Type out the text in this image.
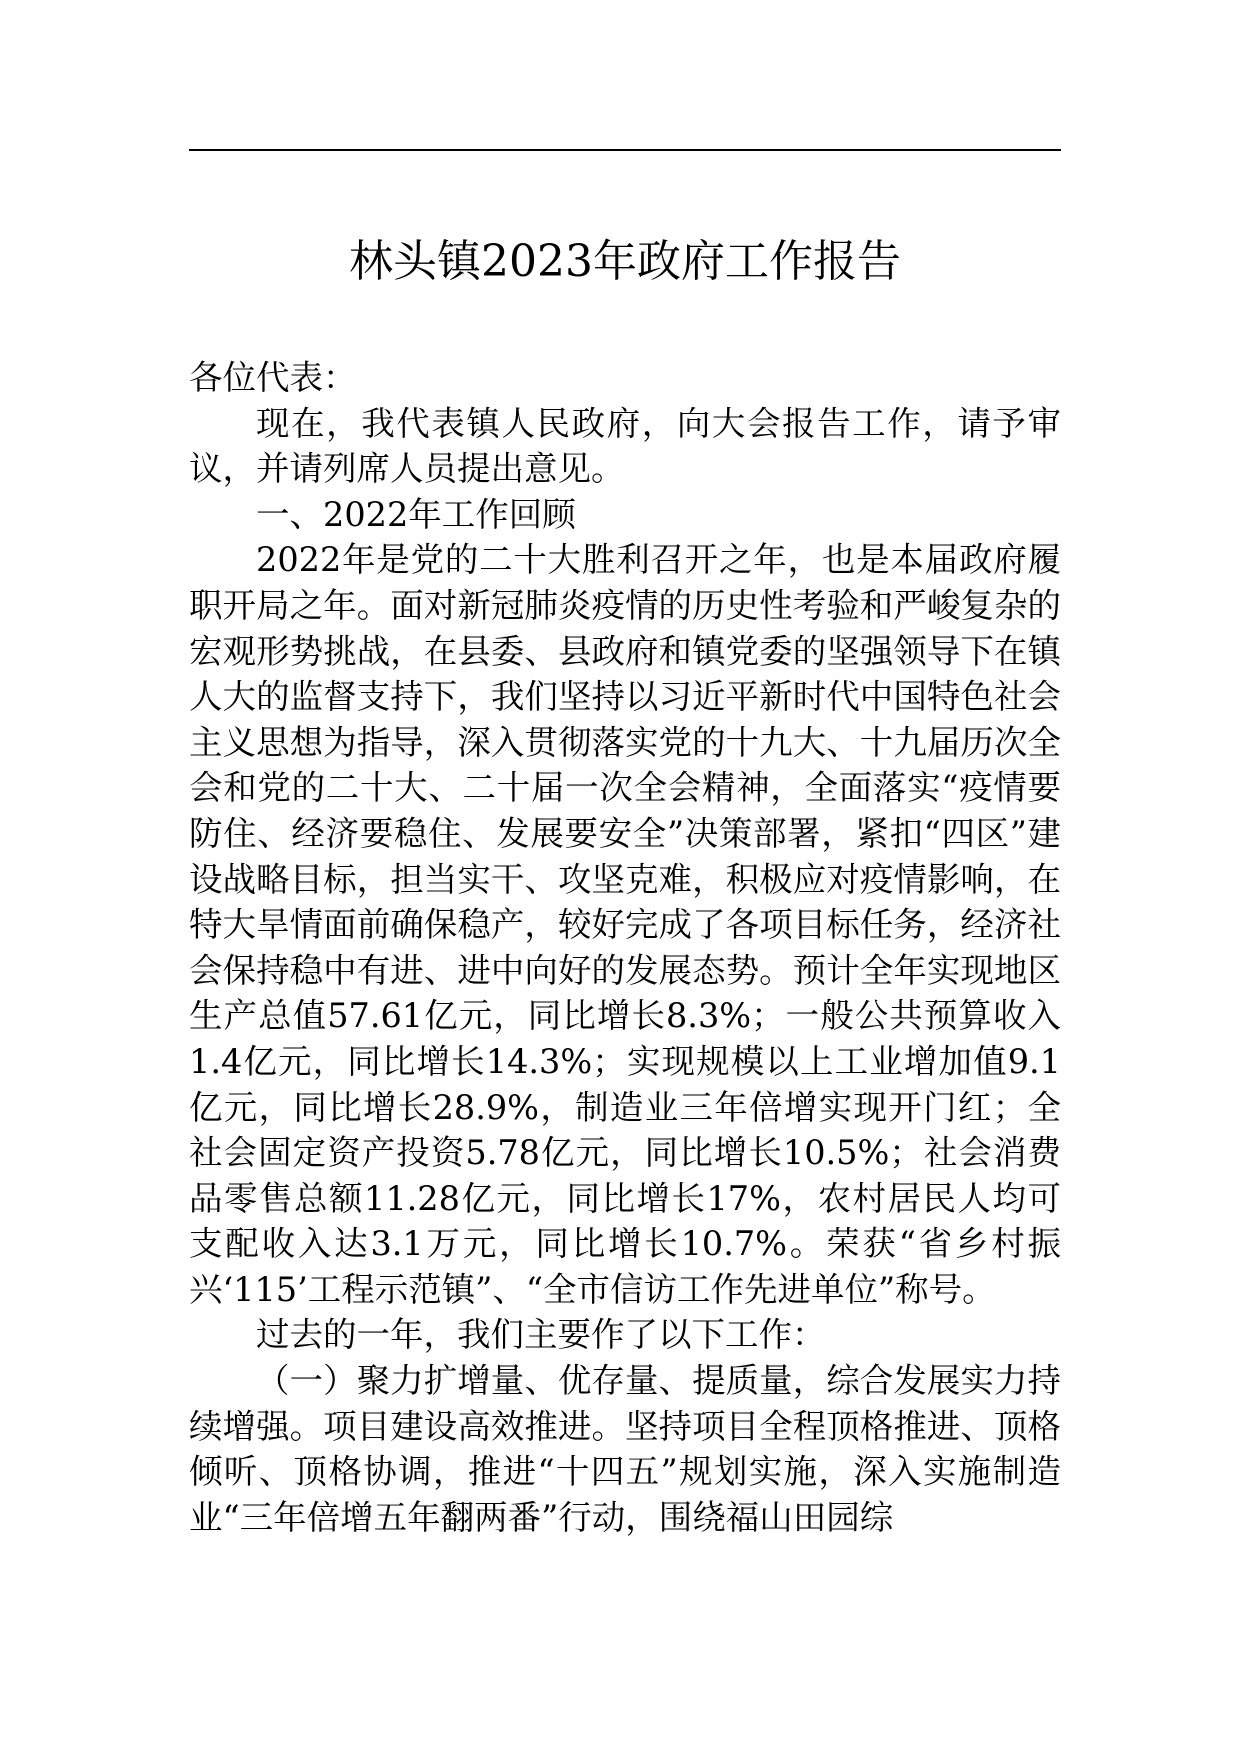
林头镇2023年政府工作报告

各位代表：

现在，我代表镇人民政府，向大会报告工作，请予审议，并请列席人员提出意见。

一、2022年工作回顾

2022年是党的二十大胜利召开之年，也是本届政府履职开局之年。面对新冠肺炎疫情的历史性考验和严峻复杂的宏观形势挑战，在县委、县政府和镇党委的坚强领导下在镇人大的监督支持下，我们坚持以习近平新时代中国特色社会主义思想为指导，深入贯彻落实党的十九大、十九届历次全会和党的二十大、二十届一次全会精神，全面落实“疫情要防住、经济要稳住、发展要安全”决策部署，紧扣“四区”建设战略目标，担当实干、攻坚克难，积极应对疫情影响，在特大旱情面前确保稳产，较好完成了各项目标任务，经济社会保持稳中有进、进中向好的发展态势。预计全年实现地区生产总值57.61亿元，同比增长8.3%；一般公共预算收入1.4亿元，同比增长14.3%；实现规模以上工业增加值9.1亿元，同比增长28.9%，制造业三年倍增实现开门红；全社会固定资产投资5.78亿元，同比增长10.5%；社会消费品零售总额11.28亿元，同比增长17%，农村居民人均可支配收入达3.1万元，同比增长10.7%。荣获“省乡村振兴‘115’工程示范镇”、“全市信访工作先进单位”称号。

过去的一年，我们主要作了以下工作：

（一）聚力扩增量、优存量、提质量，综合发展实力持续增强。项目建设高效推进。坚持项目全程顶格推进、顶格倾听、顶格协调，推进“十四五”规划实施，深入实施制造业“三年倍增五年翻两番”行动，围绕福山田园综
